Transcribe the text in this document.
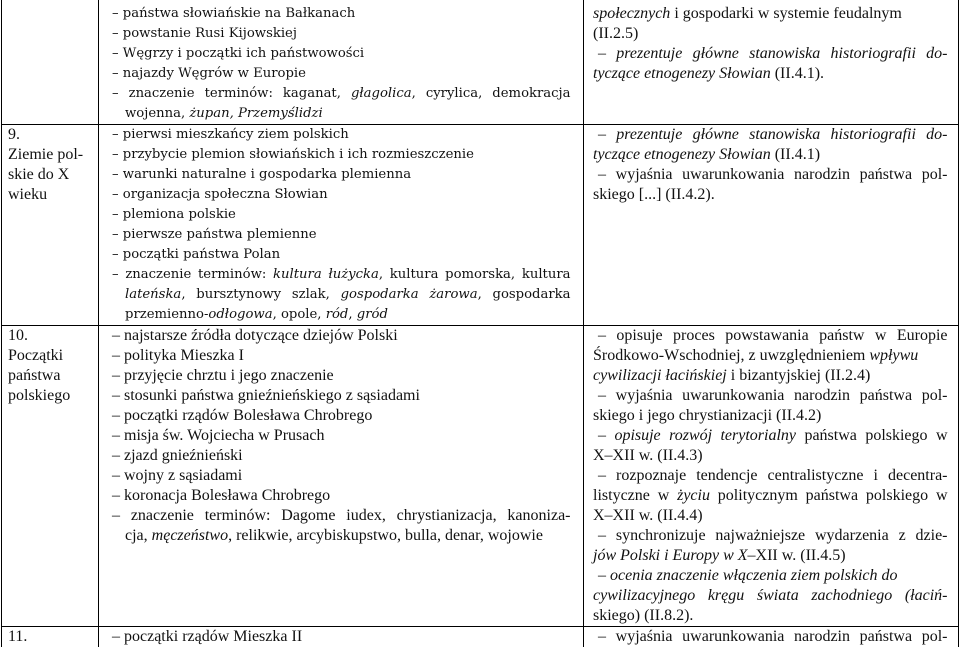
– państwa słowiańskie na Bałkanach
– powstanie Rusi Kijowskiej
– Węgrzy i początki ich państwowości
– najazdy Węgrów w Europie
– znaczenie terminów: kaganat, głagolica, cyrylica, demokracja
wojenna, żupan, Przemyślidzi
społecznych i gospodarki w systemie feudalnym
(II.2.5)
– prezentuje główne stanowiska historiografii do-
tyczące etnogenezy Słowian (II.4.1).
9.
Ziemie pol-
skie do X
wieku
– pierwsi mieszkańcy ziem polskich
– przybycie plemion słowiańskich i ich rozmieszczenie
– warunki naturalne i gospodarka plemienna
– organizacja społeczna Słowian
– plemiona polskie
– pierwsze państwa plemienne
– początki państwa Polan
– znaczenie terminów: kultura łużycka, kultura pomorska, kultura
lateńska, bursztynowy szlak, gospodarka żarowa, gospodarka
przemienno-odłogowa, opole, ród, gród
– prezentuje główne stanowiska historiografii do-
tyczące etnogenezy Słowian (II.4.1)
– wyjaśnia uwarunkowania narodzin państwa pol-
skiego [...] (II.4.2).
10.
Początki
państwa
polskiego
– najstarsze źródła dotyczące dziejów Polski
– polityka Mieszka I
– przyjęcie chrztu i jego znaczenie
– stosunki państwa gnieźnieńskiego z sąsiadami
– początki rządów Bolesława Chrobrego
– misja św. Wojciecha w Prusach
– zjazd gnieźnieński
– wojny z sąsiadami
– koronacja Bolesława Chrobrego
– znaczenie terminów: Dagome iudex, chrystianizacja, kanoniza-
cja, męczeństwo, relikwie, arcybiskupstwo, bulla, denar, wojowie
– opisuje proces powstawania państw w Europie
Środkowo-Wschodniej, z uwzględnieniem wpływu
cywilizacji łacińskiej i bizantyjskiej (II.2.4)
– wyjaśnia uwarunkowania narodzin państwa pol-
skiego i jego chrystianizacji (II.4.2)
– opisuje rozwój terytorialny państwa polskiego w
X–XII w. (II.4.3)
– rozpoznaje tendencje centralistyczne i decentra-
listyczne w życiu politycznym państwa polskiego w
X–XII w. (II.4.4)
– synchronizuje najważniejsze wydarzenia z dzie-
jów Polski i Europy w X–XII w. (II.4.5)
– ocenia znaczenie włączenia ziem polskich do
cywilizacyjnego kręgu świata zachodniego (łaciń-
skiego) (II.8.2).
11.	– początki rządów Mieszka II	– wyjaśnia uwarunkowania narodzin państwa pol-
